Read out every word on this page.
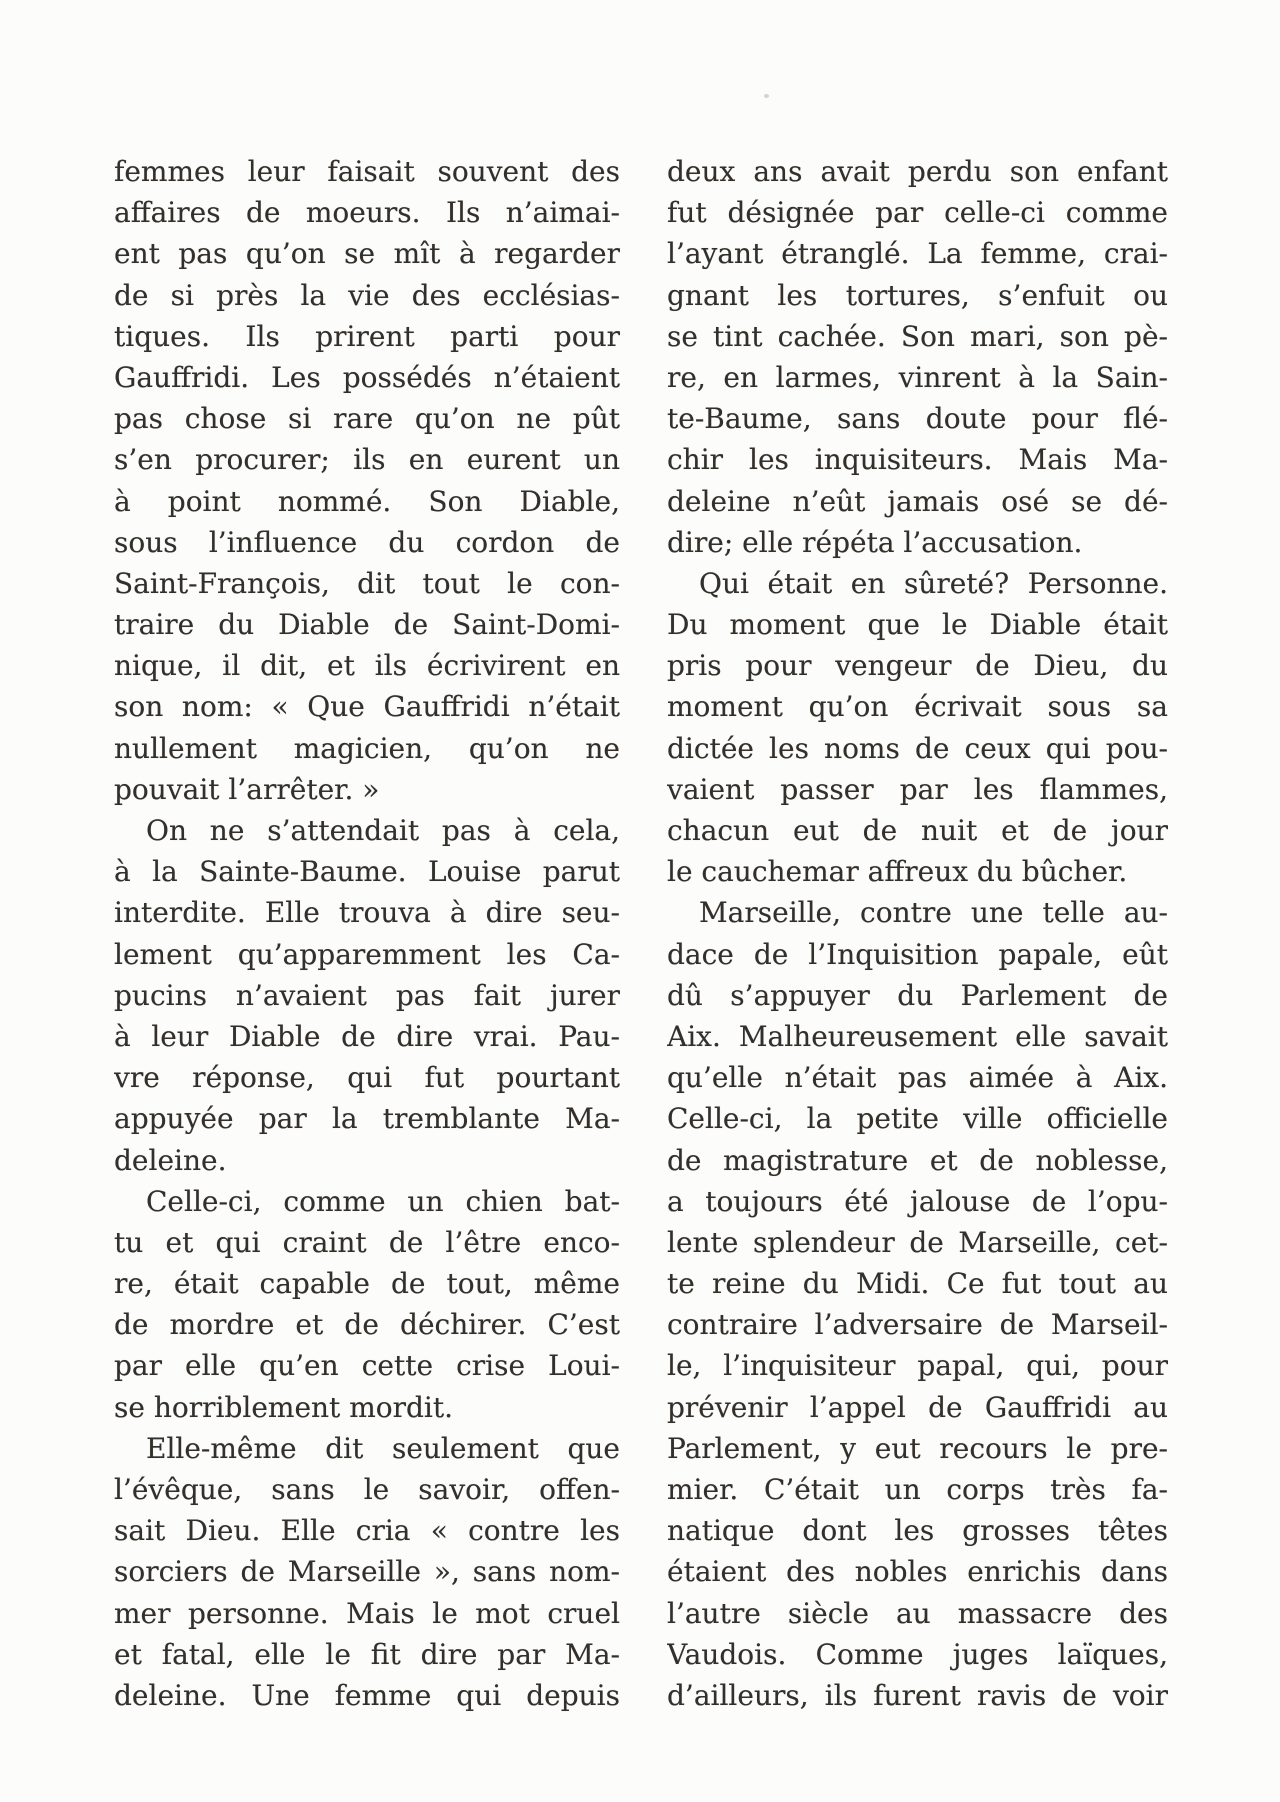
femmes leur faisait souvent des
affaires de moeurs. Ils n’aimai-
ent pas qu’on se mît à regarder
de si près la vie des ecclésias-
tiques. Ils prirent parti pour
Gauffridi. Les possédés n’étaient
pas chose si rare qu’on ne pût
s’en procurer; ils en eurent un
à point nommé. Son Diable,
sous l’influence du cordon de
Saint-François, dit tout le con-
traire du Diable de Saint-Domi-
nique, il dit, et ils écrivirent en
son nom: « Que Gauffridi n’était
nullement magicien, qu’on ne
pouvait l’arrêter. »
On ne s’attendait pas à cela,
à la Sainte-Baume. Louise parut
interdite. Elle trouva à dire seu-
lement qu’apparemment les Ca-
pucins n’avaient pas fait jurer
à leur Diable de dire vrai. Pau-
vre réponse, qui fut pourtant
appuyée par la tremblante Ma-
deleine.
Celle-ci, comme un chien bat-
tu et qui craint de l’être enco-
re, était capable de tout, même
de mordre et de déchirer. C’est
par elle qu’en cette crise Loui-
se horriblement mordit.
Elle-même dit seulement que
l’évêque, sans le savoir, offen-
sait Dieu. Elle cria « contre les
sorciers de Marseille », sans nom-
mer personne. Mais le mot cruel
et fatal, elle le fit dire par Ma-
deleine. Une femme qui depuis
deux ans avait perdu son enfant
fut désignée par celle-ci comme
l’ayant étranglé. La femme, crai-
gnant les tortures, s’enfuit ou
se tint cachée. Son mari, son pè-
re, en larmes, vinrent à la Sain-
te-Baume, sans doute pour flé-
chir les inquisiteurs. Mais Ma-
deleine n’eût jamais osé se dé-
dire; elle répéta l’accusation.
Qui était en sûreté? Personne.
Du moment que le Diable était
pris pour vengeur de Dieu, du
moment qu’on écrivait sous sa
dictée les noms de ceux qui pou-
vaient passer par les flammes,
chacun eut de nuit et de jour
le cauchemar affreux du bûcher.
Marseille, contre une telle au-
dace de l’Inquisition papale, eût
dû s’appuyer du Parlement de
Aix. Malheureusement elle savait
qu’elle n’était pas aimée à Aix.
Celle-ci, la petite ville officielle
de magistrature et de noblesse,
a toujours été jalouse de l’opu-
lente splendeur de Marseille, cet-
te reine du Midi. Ce fut tout au
contraire l’adversaire de Marseil-
le, l’inquisiteur papal, qui, pour
prévenir l’appel de Gauffridi au
Parlement, y eut recours le pre-
mier. C’était un corps très fa-
natique dont les grosses têtes
étaient des nobles enrichis dans
l’autre siècle au massacre des
Vaudois. Comme juges laïques,
d’ailleurs, ils furent ravis de voir
